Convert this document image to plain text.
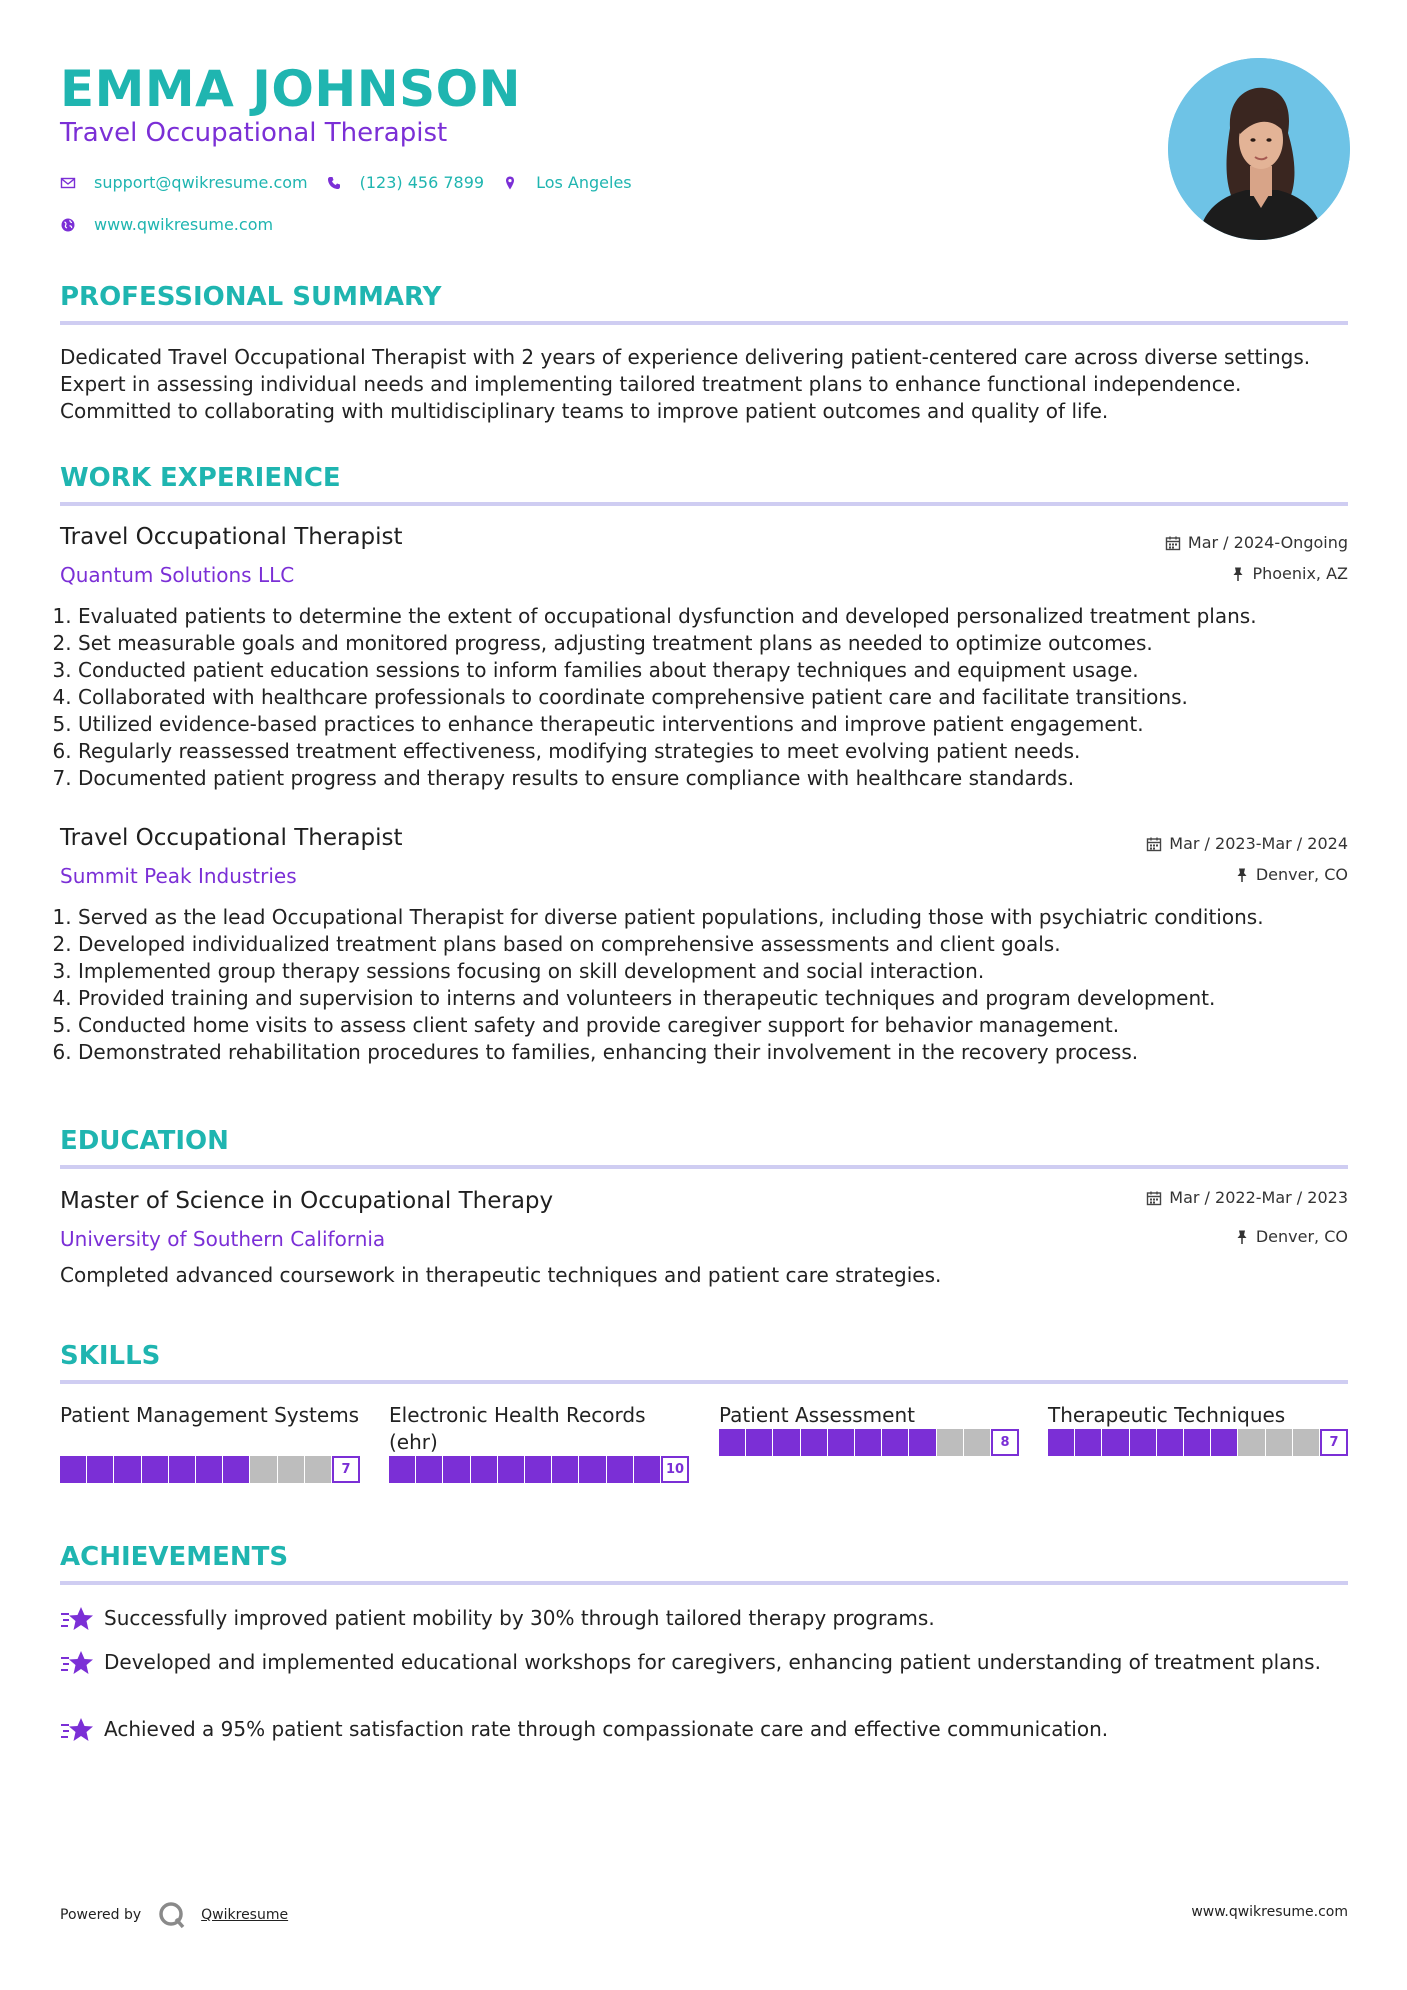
EMMA JOHNSON
Travel Occupational Therapist
support@qwikresume.com	(123) 456 7899	Los Angeles
www.qwikresume.com
PROFESSIONAL SUMMARY
Dedicated Travel Occupational Therapist with 2 years of experience delivering patient-centered care across diverse settings. Expert in assessing individual needs and implementing tailored treatment plans to enhance functional independence. Committed to collaborating with multidisciplinary teams to improve patient outcomes and quality of life.
WORK EXPERIENCE
Travel Occupational Therapist
Quantum Solutions LLC
Mar / 2024-Ongoing
Phoenix, AZ
1. Evaluated patients to determine the extent of occupational dysfunction and developed personalized treatment plans.
2. Set measurable goals and monitored progress, adjusting treatment plans as needed to optimize outcomes.
3. Conducted patient education sessions to inform families about therapy techniques and equipment usage.
4. Collaborated with healthcare professionals to coordinate comprehensive patient care and facilitate transitions.
5. Utilized evidence-based practices to enhance therapeutic interventions and improve patient engagement.
6. Regularly reassessed treatment effectiveness, modifying strategies to meet evolving patient needs.
7. Documented patient progress and therapy results to ensure compliance with healthcare standards.
Travel Occupational Therapist
Summit Peak Industries
Mar / 2023-Mar / 2024
Denver, CO
1. Served as the lead Occupational Therapist for diverse patient populations, including those with psychiatric conditions.
2. Developed individualized treatment plans based on comprehensive assessments and client goals.
3. Implemented group therapy sessions focusing on skill development and social interaction.
4. Provided training and supervision to interns and volunteers in therapeutic techniques and program development.
5. Conducted home visits to assess client safety and provide caregiver support for behavior management.
6. Demonstrated rehabilitation procedures to families, enhancing their involvement in the recovery process.
EDUCATION
Master of Science in Occupational Therapy
University of Southern California
Mar / 2022-Mar / 2023
Denver, CO
Completed advanced coursework in therapeutic techniques and patient care strategies.
SKILLS
Patient Management Systems
7
Electronic Health Records (ehr)
10
Patient Assessment
8
Therapeutic Techniques
7
ACHIEVEMENTS
Successfully improved patient mobility by 30% through tailored therapy programs.
Developed and implemented educational workshops for caregivers, enhancing patient understanding of treatment plans.
Achieved a 95% patient satisfaction rate through compassionate care and effective communication.
Powered by	Qwikresume	www.qwikresume.com
